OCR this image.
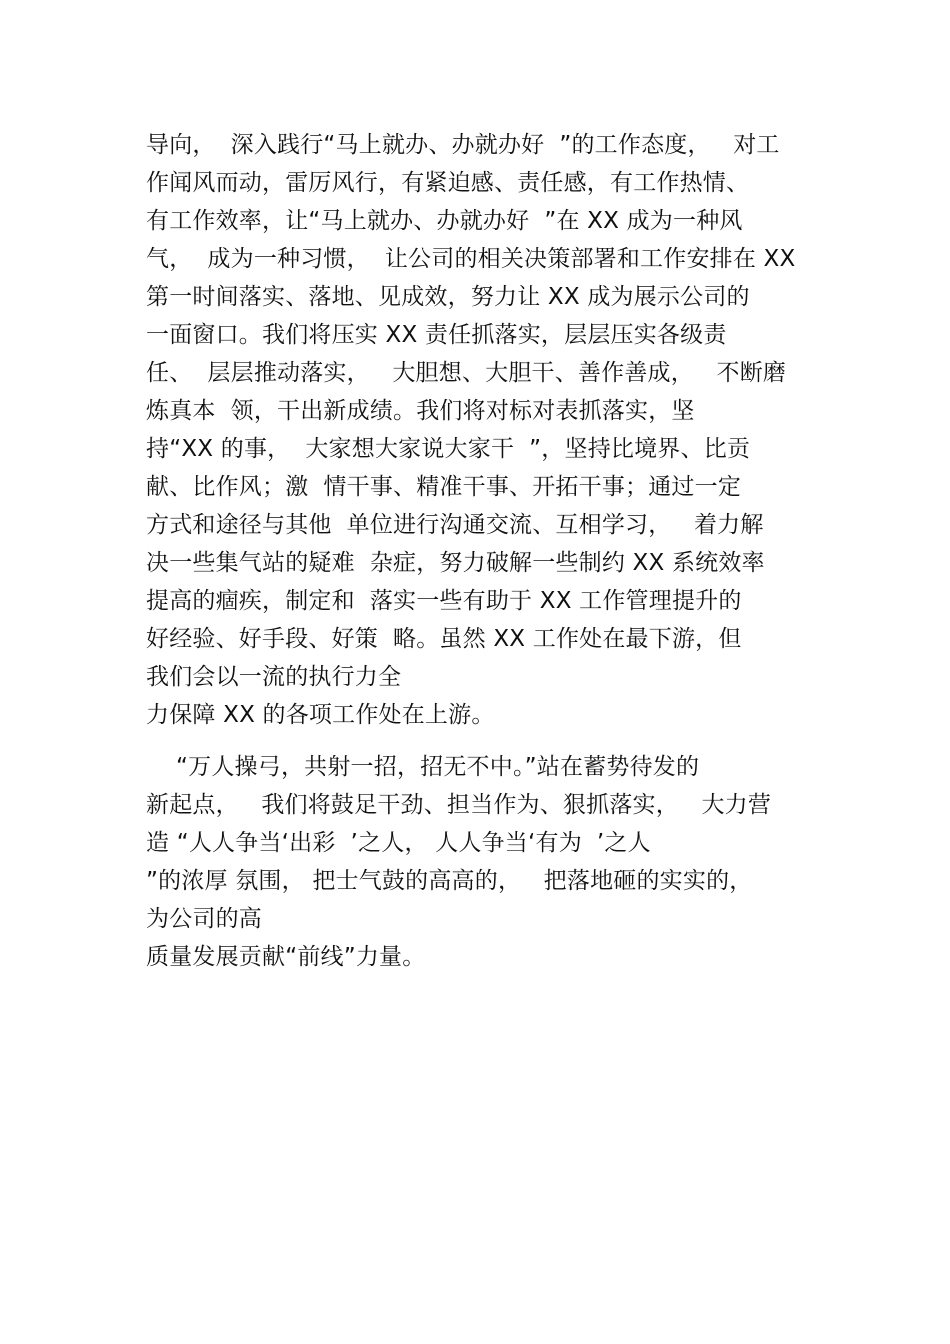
导向，  深入践行“马上就办、办就办好  ”的工作态度，   对工
作闻风而动，雷厉风行，有紧迫感、责任感，有工作热情、
有工作效率，让“马上就办、办就办好  ”在 XX 成为一种风
气，  成为一种习惯，  让公司的相关决策部署和工作安排在 XX
第一时间落实、落地、见成效，努力让 XX 成为展示公司的
一面窗口。我们将压实 XX 责任抓落实，层层压实各级责
任、  层层推动落实，   大胆想、大胆干、善作善成，   不断磨
炼真本  领，干出新成绩。我们将对标对表抓落实，坚
持“XX 的事，  大家想大家说大家干  ”，坚持比境界、比贡
献、比作风；激  情干事、精准干事、开拓干事；通过一定
方式和途径与其他  单位进行沟通交流、互相学习，   着力解
决一些集气站的疑难  杂症，努力破解一些制约 XX 系统效率
提高的痼疾，制定和  落实一些有助于 XX 工作管理提升的
好经验、好手段、好策  略。虽然 XX 工作处在最下游，但
我们会以一流的执行力全
力保障 XX 的各项工作处在上游。
“万人操弓，共射一招，招无不中。”站在蓄势待发的
新起点，   我们将鼓足干劲、担当作为、狠抓落实，   大力营
造 “人人争当‘出彩  ’之人， 人人争当‘有为  ’之人
”的浓厚 氛围， 把士气鼓的高高的，   把落地砸的实实的，
为公司的高
质量发展贡献“前线”力量。
